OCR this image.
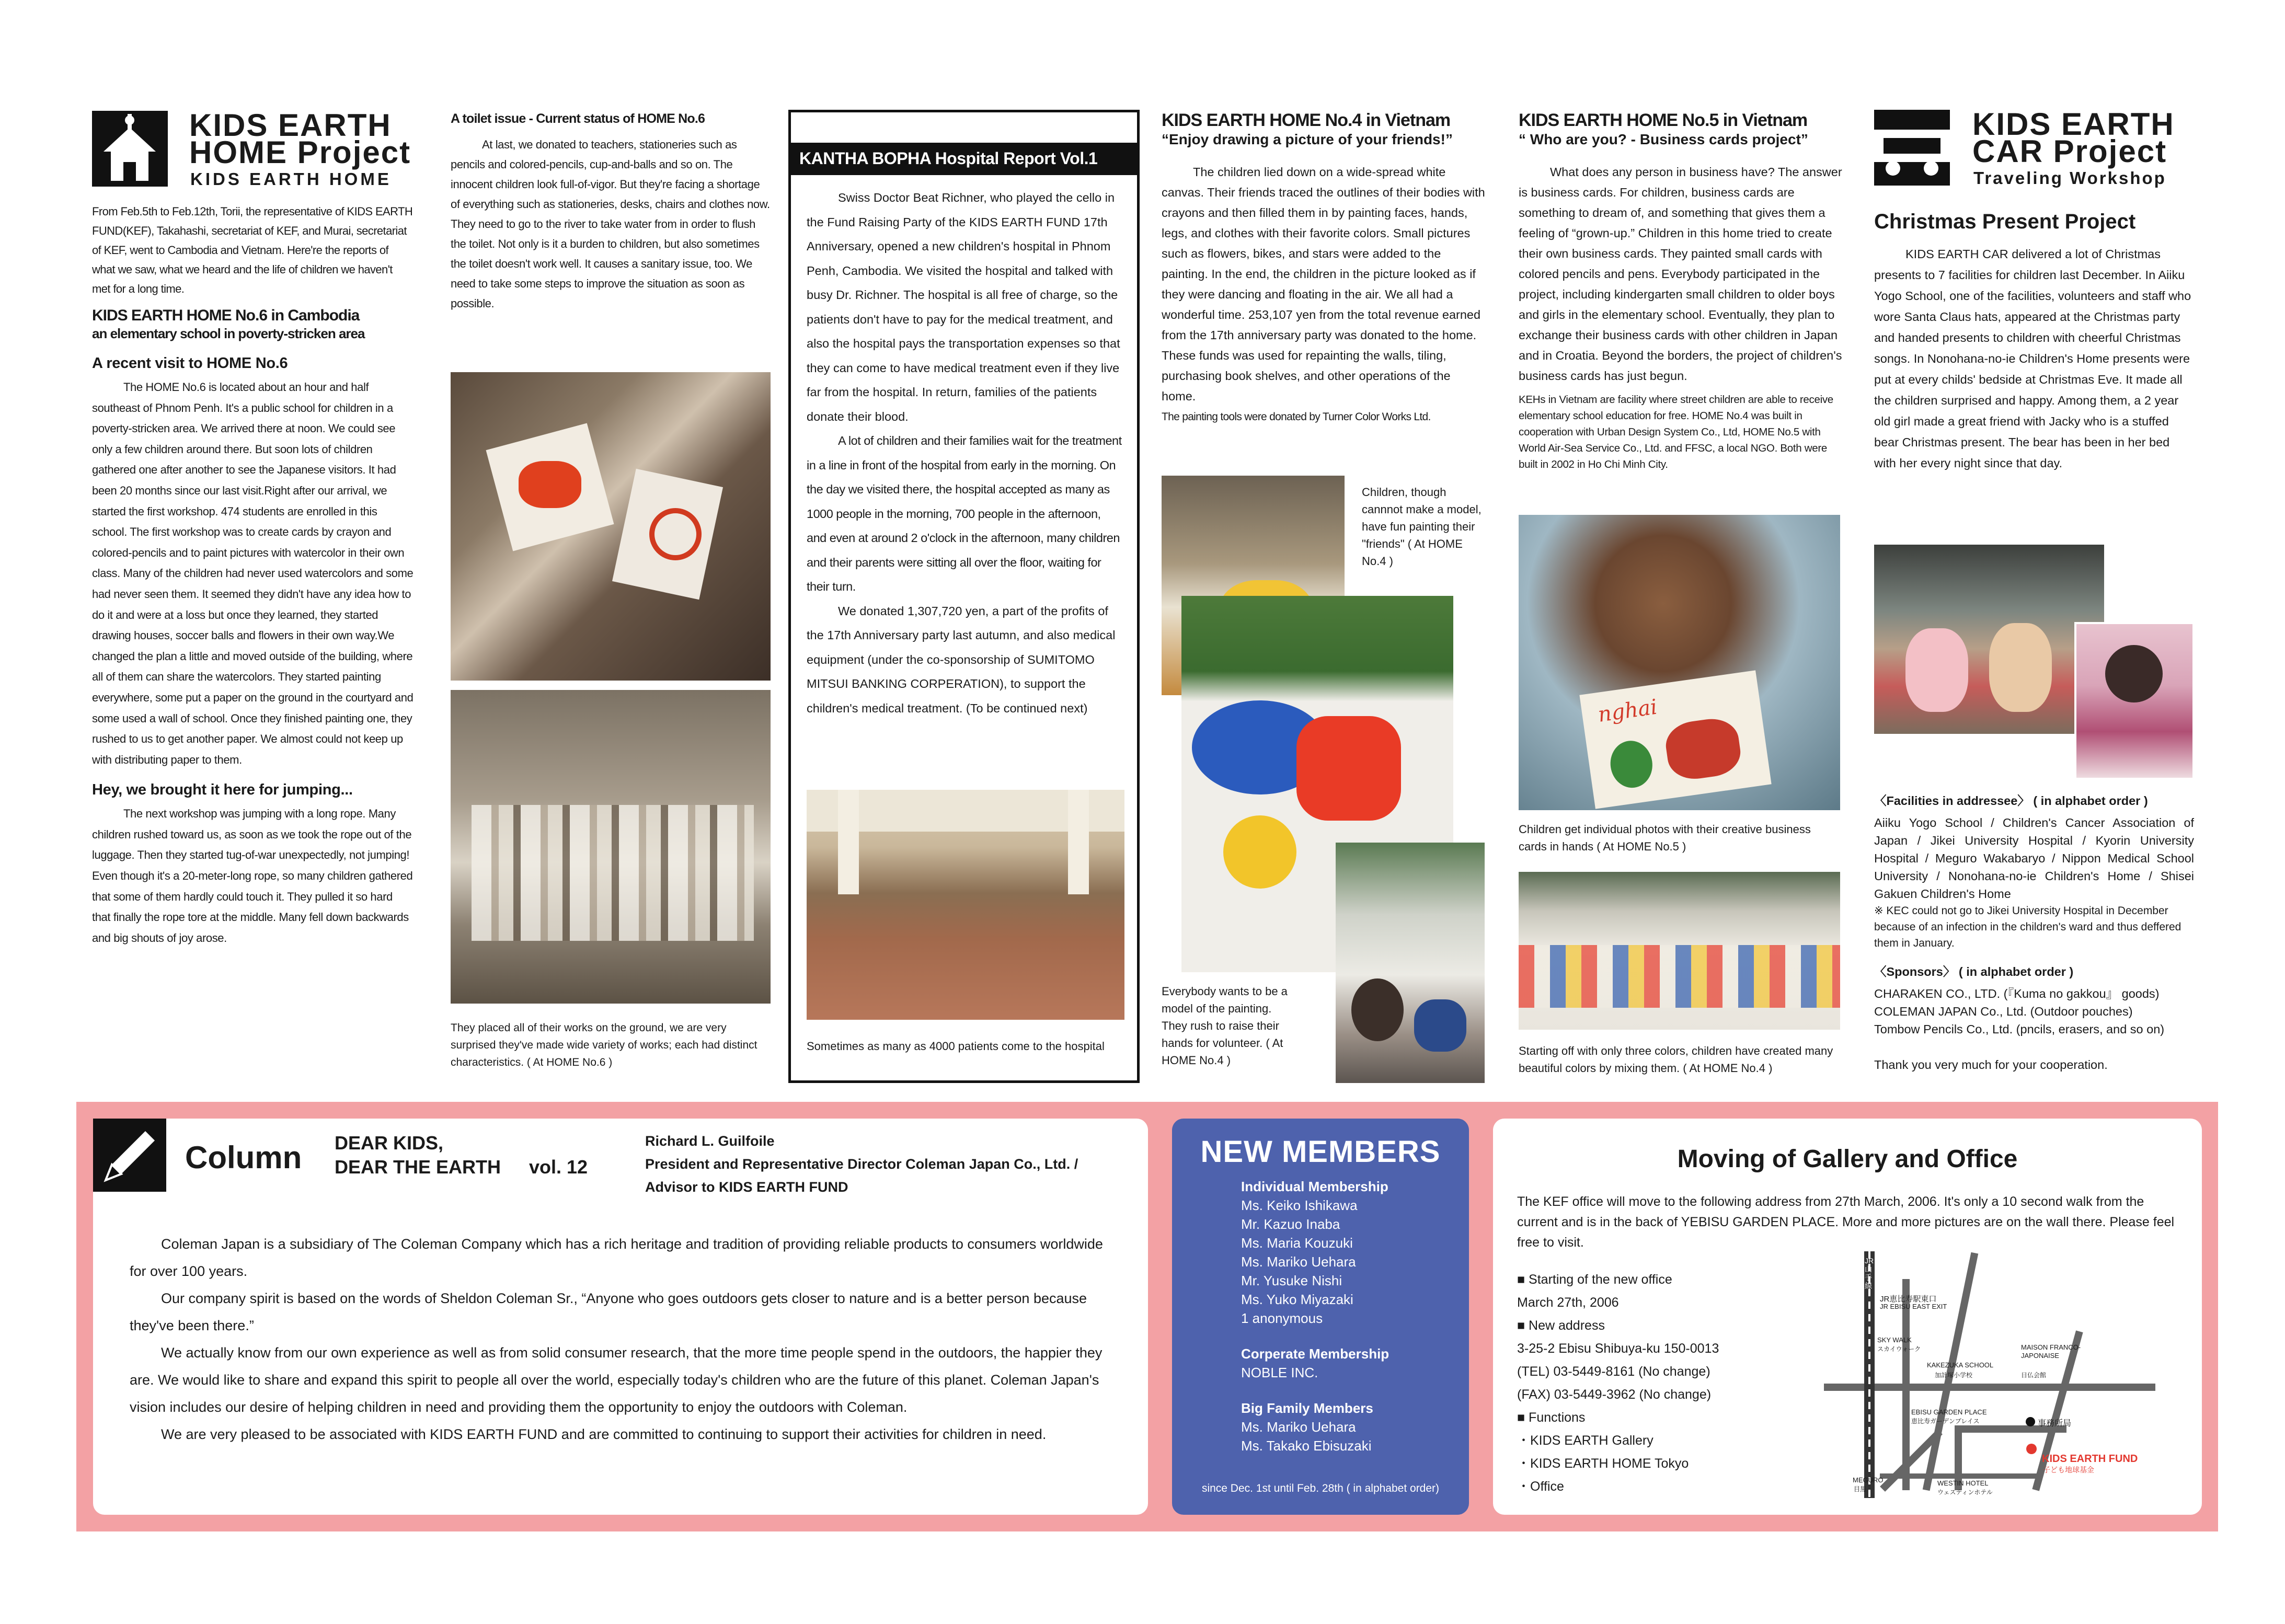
KIDS EARTH
HOME Project
KIDS EARTH HOME

From Feb.5th to Feb.12th, Torii, the representative of KIDS EARTH FUND(KEF), Takahashi, secretariat of KEF, and Murai, secretariat of KEF, went to Cambodia and Vietnam. Here're the reports of what we saw, what we heard and the life of children we haven't met for a long time.

KIDS EARTH HOME No.6 in Cambodia
an elementary school in poverty-stricken area
A recent visit to HOME No.6

The HOME No.6 is located about an hour and half southeast of Phnom Penh. It's a public school for children in a poverty-stricken area. We arrived there at noon. We could see only a few children around there. But soon lots of children gathered one after another to see the Japanese visitors. It had been 20 months since our last visit.Right after our arrival, we started the first workshop. 474 students are enrolled in this school. The first workshop was to create cards by crayon and colored-pencils and to paint pictures with watercolor in their own class. Many of the children had never used watercolors and some had never seen them. It seemed they didn't have any idea how to do it and were at a loss but once they learned, they started drawing houses, soccer balls and flowers in their own way.We changed the plan a little and moved outside of the building, where all of them can share the watercolors. They started painting everywhere, some put a paper on the ground in the courtyard and some used a wall of school. Once they finished painting one, they rushed to us to get another paper. We almost could not keep up with distributing paper to them.

Hey, we brought it here for jumping...

The next workshop was jumping with a long rope. Many children rushed toward us, as soon as we took the rope out of the luggage. Then they started tug-of-war unexpectedly, not jumping! Even though it's a 20-meter-long rope, so many children gathered that some of them hardly could touch it. They pulled it so hard that finally the rope tore at the middle. Many fell down backwards and big shouts of joy arose.

A toilet issue - Current status of HOME No.6

At last, we donated to teachers, stationeries such as pencils and colored-pencils, cup-and-balls and so on. The innocent children look full-of-vigor. But they're facing a shortage of everything such as stationeries, desks, chairs and clothes now. They need to go to the river to take water from in order to flush the toilet. Not only is it a burden to children, but also sometimes the toilet doesn't work well. It causes a sanitary issue, too. We need to take some steps to improve the situation as soon as possible.

They placed all of their works on the ground, we are very surprised they've made wide variety of works; each had distinct characteristics. ( At HOME No.6 )
KANTHA BOPHA Hospital Report Vol.1

Swiss Doctor Beat Richner, who played the cello in the Fund Raising Party of the KIDS EARTH FUND 17th Anniversary, opened a new children's hospital in Phnom Penh, Cambodia. We visited the hospital and talked with busy Dr. Richner. The hospital is all free of charge, so the patients don't have to pay for the medical treatment, and also the hospital pays the transportation expenses so that they can come to have medical treatment even if they live far from the hospital. In return, families of the patients donate their blood.

A lot of children and their families wait for the treatment in a line in front of the hospital from early in the morning. On the day we visited there, the hospital accepted as many as 1000 people in the morning, 700 people in the afternoon, and even at around 2 o'clock in the afternoon, many children and their parents were sitting all over the floor, waiting for their turn.

We donated 1,307,720 yen, a part of the profits of the 17th Anniversary party last autumn, and also medical equipment (under the co-sponsorship of SUMITOMO MITSUI BANKING CORPERATION), to support the children's medical treatment. (To be continued next)

Sometimes as many as 4000 patients come to the hospital
KIDS EARTH HOME No.4 in Vietnam
“Enjoy drawing a picture of your friends!”

The children lied down on a wide-spread white canvas. Their friends traced the outlines of their bodies with crayons and then filled them in by painting faces, hands, legs, and clothes with their favorite colors. Small pictures such as flowers, bikes, and stars were added to the painting. In the end, the children in the picture looked as if they were dancing and floating in the air. We all had a wonderful time. 253,107 yen from the total revenue earned from the 17th anniversary party was donated to the home. These funds was used for repainting the walls, tiling, purchasing book shelves, and other operations of the home.

The painting tools were donated by Turner Color Works Ltd.

Children, though cannnot make a model, have fun painting their "friends" ( At HOME No.4 )
Everybody wants to be a model of the painting. They rush to raise their hands for volunteer. ( At HOME No.4 )
KIDS EARTH HOME No.5 in Vietnam
“ Who are you? - Business cards project”

What does any person in business have? The answer is business cards. For children, business cards are something to dream of, and something that gives them a feeling of “grown-up.” Children in this home tried to create their own business cards. They painted small cards with colored pencils and pens. Everybody participated in the project, including kindergarten small children to older boys and girls in the elementary school. Eventually, they plan to exchange their business cards with other children in Japan and in Croatia. Beyond the borders, the project of children's business cards has just begun.

KEHs in Vietnam are facility where street children are able to receive elementary school education for free. HOME No.4 was built in cooperation with Urban Design System Co., Ltd, HOME No.5 with World Air-Sea Service Co., Ltd. and FFSC, a local NGO. Both were built in 2002 in Ho Chi Minh City.

nghai
Children get individual photos with their creative business cards in hands ( At HOME No.5 )
Starting off with only three colors, children have created many beautiful colors by mixing them. ( At HOME No.4 )
KIDS EARTH
CAR Project
Traveling Workshop
Christmas Present Project

KIDS EARTH CAR delivered a lot of Christmas presents to 7 facilities for children last December. In Aiiku Yogo School, one of the facilities, volunteers and staff who wore Santa Claus hats, appeared at the Christmas party and handed presents to children with cheerful Christmas songs. In Nonohana-no-ie Children's Home presents were put at every childs' bedside at Christmas Eve. It made all the children surprised and happy. Among them, a 2 year old girl made a great friend with Jacky who is a stuffed bear Christmas present. The bear has been in her bed with her every night since that day.

〈Facilities in addressee〉 ( in alphabet order )
Aiiku Yogo School / Children's Cancer Association of Japan / Jikei University Hospital / Kyorin University Hospital / Meguro Wakabaryo / Nippon Medical School University / Nonohana-no-ie Children's Home / Shisei Gakuen Children's Home
※ KEC could not go to Jikei University Hospital in December because of an infection in the children's ward and thus deffered them in January.
〈Sponsors〉 ( in alphabet order )
CHARAKEN CO., LTD. (『Kuma no gakkou』 goods)
COLEMAN JAPAN Co., Ltd. (Outdoor pouches)
Tombow Pencils Co., Ltd. (pncils, erasers, and so on)
Thank you very much for your cooperation.
Column DEAR KIDS,
DEAR THE EARTH vol. 12
Richard L. Guilfoile
President and Representative Director Coleman Japan Co., Ltd. /
Advisor to KIDS EARTH FUND

Coleman Japan is a subsidiary of The Coleman Company which has a rich heritage and tradition of providing reliable products to consumers worldwide for over 100 years.

Our company spirit is based on the words of Sheldon Coleman Sr., “Anyone who goes outdoors gets closer to nature and is a better person because they've been there.”

We actually know from our own experience as well as from solid consumer research, that the more time people spend in the outdoors, the happier they are. We would like to share and expand this spirit to people all over the world, especially today's children who are the future of this planet. Coleman Japan's vision includes our desire of helping children in need and providing them the opportunity to enjoy the outdoors with Coleman.

We are very pleased to be associated with KIDS EARTH FUND and are committed to continuing to support their activities for children in need.

NEW MEMBERS
Individual Membership
Ms. Keiko Ishikawa
Mr. Kazuo Inaba
Ms. Maria Kouzuki
Ms. Mariko Uehara
Mr. Yusuke Nishi
Ms. Yuko Miyazaki
1 anonymous
Corperate Membership
NOBLE INC.
Big Family Members
Ms. Mariko Uehara
Ms. Takako Ebisuzaki
since Dec. 1st until Feb. 28th ( in alphabet order)
Moving of Gallery and Office
The KEF office will move to the following address from 27th March, 2006. It's only a 10 second walk from the current and is in the back of YEBISU GARDEN PLACE. More and more pictures are on the wall there. Please feel free to visit.
■ Starting of the new office
March 27th, 2006
■ New address
3-25-2 Ebisu Shibuya-ku 150-0013
(TEL) 03-5449-8161 (No change)
(FAX) 03-5449-3962 (No change)
■ Functions
・KIDS EARTH Gallery
・KIDS EARTH HOME Tokyo
・Office
JR山手線
JR恵比寿駅東口
JR EBISU EAST EXIT
SKY WALK
スカイウォーク
KAKEZUKA SCHOOL
加計塚小学校
MAISON FRANCO-JAPONAISE
日仏会館
EBISU GARDEN PLACE
恵比寿ガーデンプレイス	事務所局
KIDS EARTH FUND
子ども地球基金
MEGURO
目黒
WESTIN HOTEL
ウェスティンホテル
